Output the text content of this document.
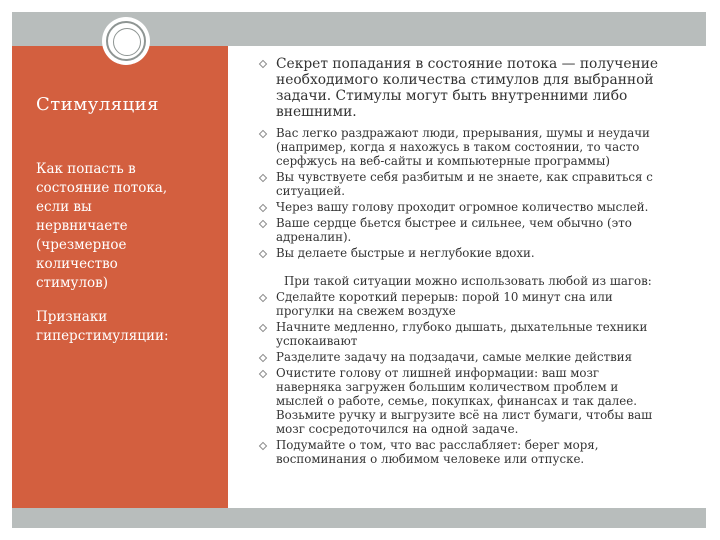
Стимуляция
Как попасть в
состояние потока,
если вы
нервничаете
(чрезмерное
количество
стимулов)
Признаки
гиперстимуляции:
Секрет попадания в состояние потока — получение необходимого количества стимулов для выбранной задачи. Стимулы могут быть внутренними либо внешними.
Вас легко раздражают люди, прерывания, шумы и неудачи (например, когда я нахожусь в таком состоянии, то часто серфжусь на веб-сайты и компьютерные программы)
Вы чувствуете себя разбитым и не знаете, как справиться с ситуацией.
Через вашу голову проходит огромное количество мыслей.
Ваше сердце бьется быстрее и сильнее, чем обычно (это адреналин).
Вы делаете быстрые и неглубокие вдохи.
При такой ситуации можно использовать любой из шагов:
Сделайте короткий перерыв: порой 10 минут сна или прогулки на свежем воздухе
Начните медленно, глубоко дышать, дыхательные техники успокаивают
Разделите задачу на подзадачи, самые мелкие действия
Очистите голову от лишней информации: ваш мозг наверняка загружен большим количеством проблем и мыслей о работе, семье, покупках, финансах и так далее. Возьмите ручку и выгрузите всё на лист бумаги, чтобы ваш мозг сосредоточился на одной задаче.
Подумайте о том, что вас расслабляет: берег моря, воспоминания о любимом человеке или отпуске.
